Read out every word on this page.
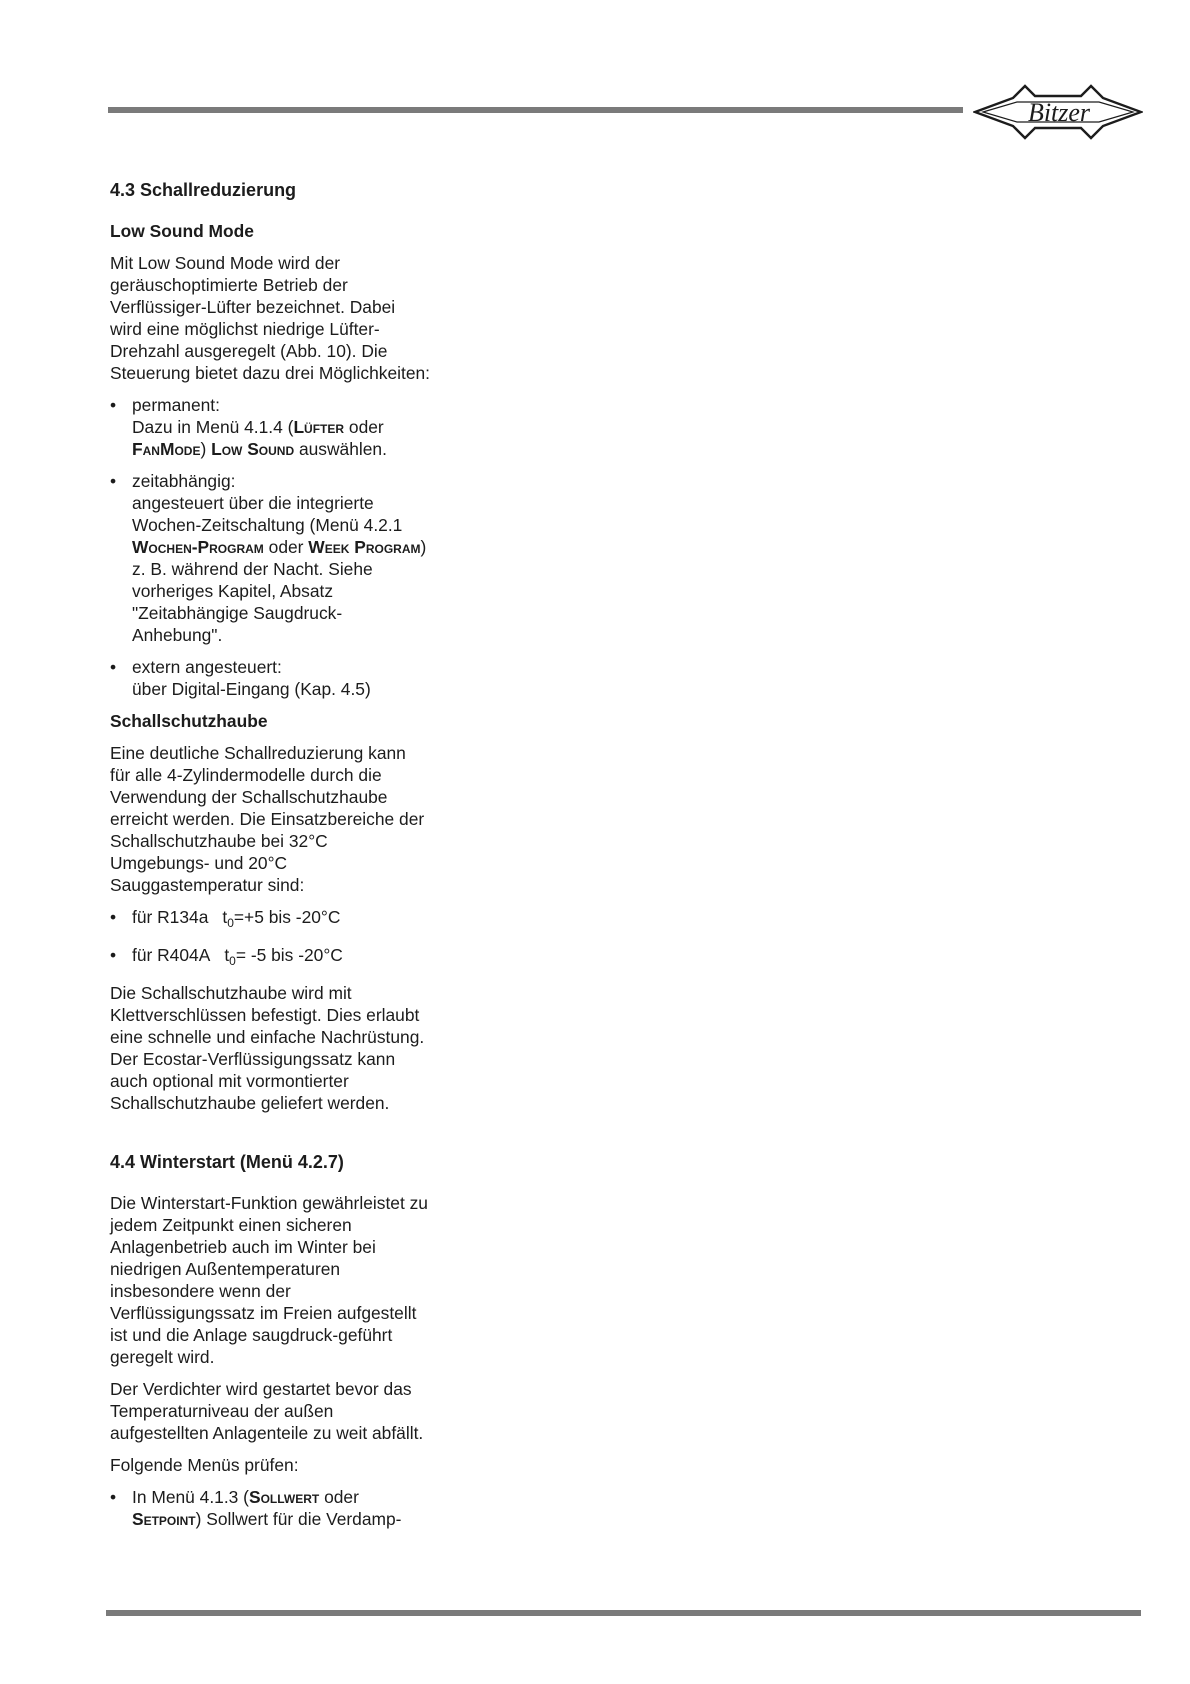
Bitzer
4.3 Schallreduzierung
Low Sound Mode

Mit Low Sound Mode wird der geräuschoptimierte Betrieb der Verflüssiger-Lüfter bezeichnet. Dabei wird eine möglichst niedrige Lüfter-Drehzahl ausgeregelt (Abb. 10). Die Steuerung bietet dazu drei Möglichkeiten:

• permanent:
Dazu in Menü 4.1.4 (Lüfter oder FanMode) Low Sound auswählen.
• zeitabhängig:
angesteuert über die integrierte Wochen-Zeitschaltung (Menü 4.2.1 Wochen-Program oder Week Program) z. B. während der Nacht. Siehe vorheriges Kapitel, Absatz "Zeitabhängige Saugdruck-Anhebung".
• extern angesteuert:
über Digital-Eingang (Kap. 4.5)
Schallschutzhaube

Eine deutliche Schallreduzierung kann für alle 4-Zylindermodelle durch die Verwendung der Schallschutzhaube erreicht werden. Die Einsatzbereiche der Schallschutzhaube bei 32°C Umgebungs- und 20°C Sauggastemperatur sind:

• für R134a $t_0=+5$ bis -20°C
• für R404A $t_0= -5$ bis -20°C

Die Schallschutzhaube wird mit Klettverschlüssen befestigt. Dies erlaubt eine schnelle und einfache Nachrüstung. Der Ecostar-Verflüssigungssatz kann auch optional mit vormontierter Schallschutzhaube geliefert werden.

4.4 Winterstart (Menü 4.2.7)

Die Winterstart-Funktion gewährleistet zu jedem Zeitpunkt einen sicheren Anlagenbetrieb auch im Winter bei niedrigen Außentemperaturen insbesondere wenn der Verflüssigungssatz im Freien aufgestellt ist und die Anlage saugdruck-geführt geregelt wird.

Der Verdichter wird gestartet bevor das Temperaturniveau der außen aufgestellten Anlagenteile zu weit abfällt.

Folgende Menüs prüfen:

• In Menü 4.1.3 (Sollwert oder Setpoint) Sollwert für die Verdamp-
